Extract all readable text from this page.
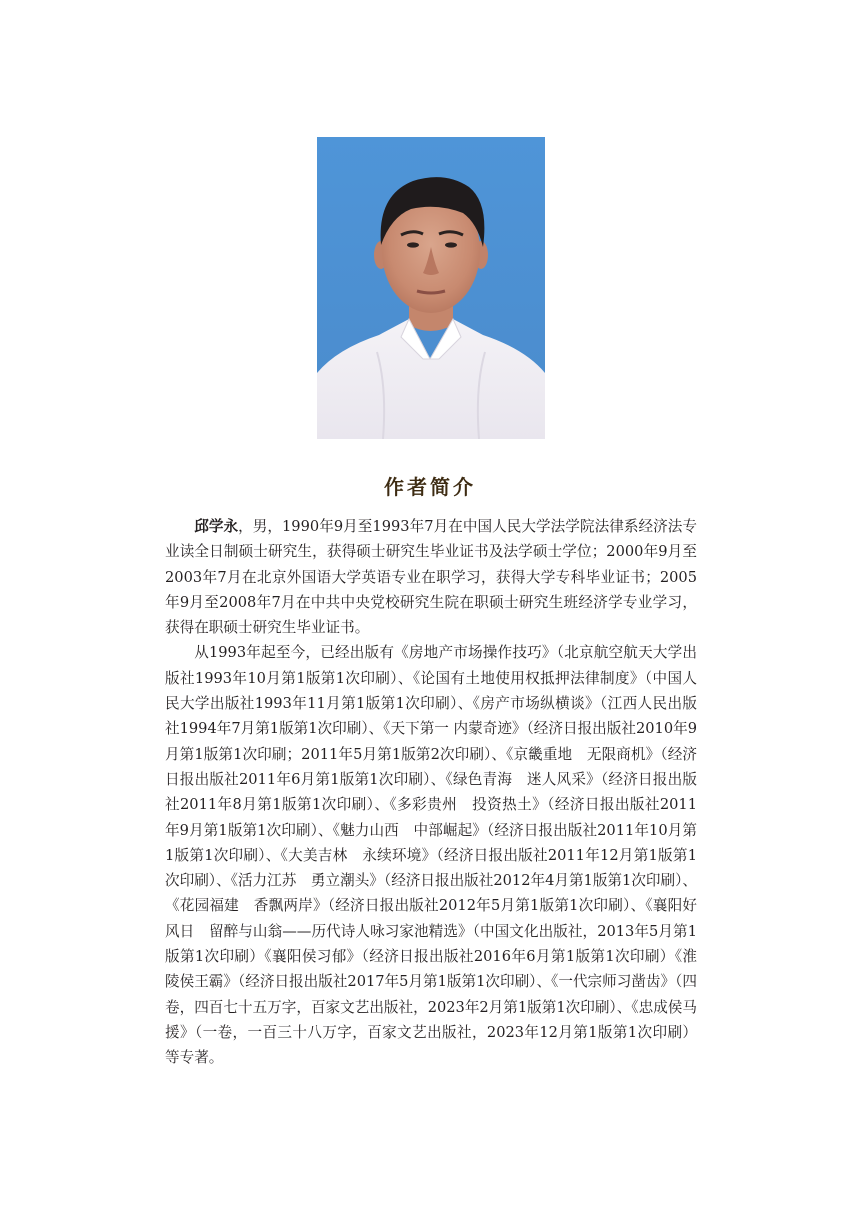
作者简介

邱学永，男，1990年9月至1993年7月在中国人民大学法学院法律系经济法专业读全日制硕士研究生，获得硕士研究生毕业证书及法学硕士学位；2000年9月至2003年7月在北京外国语大学英语专业在职学习，获得大学专科毕业证书；2005年9月至2008年7月在中共中央党校研究生院在职硕士研究生班经济学专业学习，获得在职硕士研究生毕业证书。

从1993年起至今，已经出版有《房地产市场操作技巧》（北京航空航天大学出版社1993年10月第1版第1次印刷）、《论国有土地使用权抵押法律制度》（中国人民大学出版社1993年11月第1版第1次印刷）、《房产市场纵横谈》（江西人民出版社1994年7月第1版第1次印刷）、《天下第一 内蒙奇迹》（经济日报出版社2010年9月第1版第1次印刷；2011年5月第1版第2次印刷）、《京畿重地　无限商机》（经济日报出版社2011年6月第1版第1次印刷）、《绿色青海　迷人风采》（经济日报出版社2011年8月第1版第1次印刷）、《多彩贵州　投资热土》（经济日报出版社2011年9月第1版第1次印刷）、《魅力山西　中部崛起》（经济日报出版社2011年10月第1版第1次印刷）、《大美吉林　永续环境》（经济日报出版社2011年12月第1版第1次印刷）、《活力江苏　勇立潮头》（经济日报出版社2012年4月第1版第1次印刷）、《花园福建　香飘两岸》（经济日报出版社2012年5月第1版第1次印刷）、《襄阳好风日　留醉与山翁——历代诗人咏习家池精选》（中国文化出版社，2013年5月第1版第1次印刷）《襄阳侯习郁》（经济日报出版社2016年6月第1版第1次印刷）《淮陵侯王霸》（经济日报出版社2017年5月第1版第1次印刷）、《一代宗师习凿齿》（四卷，四百七十五万字，百家文艺出版社，2023年2月第1版第1次印刷）、《忠成侯马援》（一卷，一百三十八万字，百家文艺出版社，2023年12月第1版第1次印刷）等专著。
